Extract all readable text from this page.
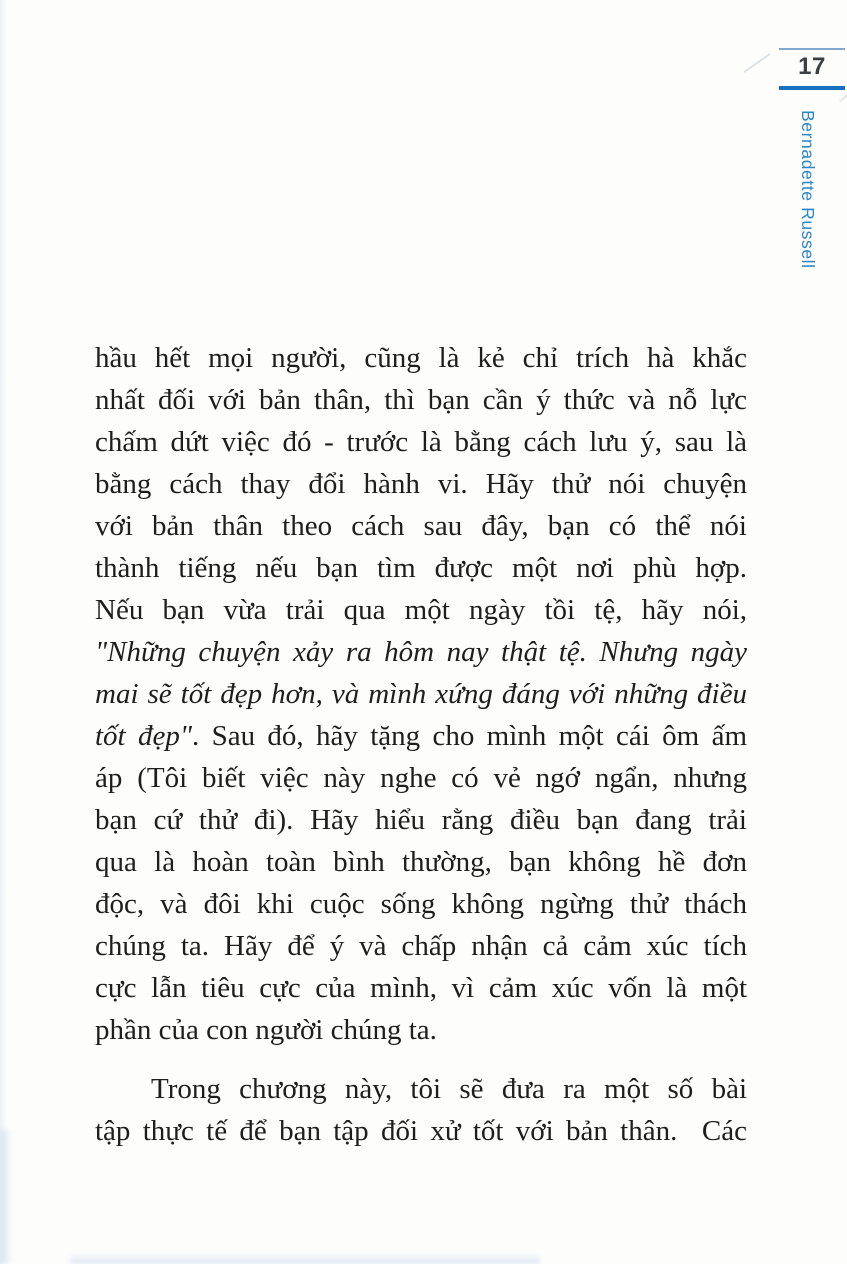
17
Bernadette Russell
hầu hết mọi người, cũng là kẻ chỉ trích hà khắc
nhất đối với bản thân, thì bạn cần ý thức và nỗ lực
chấm dứt việc đó - trước là bằng cách lưu ý, sau là
bằng cách thay đổi hành vi. Hãy thử nói chuyện
với bản thân theo cách sau đây, bạn có thể nói
thành tiếng nếu bạn tìm được một nơi phù hợp.
Nếu bạn vừa trải qua một ngày tồi tệ, hãy nói,
"Những chuyện xảy ra hôm nay thật tệ. Nhưng ngày
mai sẽ tốt đẹp hơn, và mình xứng đáng với những điều
tốt đẹp". Sau đó, hãy tặng cho mình một cái ôm ấm
áp (Tôi biết việc này nghe có vẻ ngớ ngẩn, nhưng
bạn cứ thử đi). Hãy hiểu rằng điều bạn đang trải
qua là hoàn toàn bình thường, bạn không hề đơn
độc, và đôi khi cuộc sống không ngừng thử thách
chúng ta. Hãy để ý và chấp nhận cả cảm xúc tích
cực lẫn tiêu cực của mình, vì cảm xúc vốn là một
phần của con người chúng ta.
Trong chương này, tôi sẽ đưa ra một số bài
tập thực tế để bạn tập đối xử tốt với bản thân.  Các
